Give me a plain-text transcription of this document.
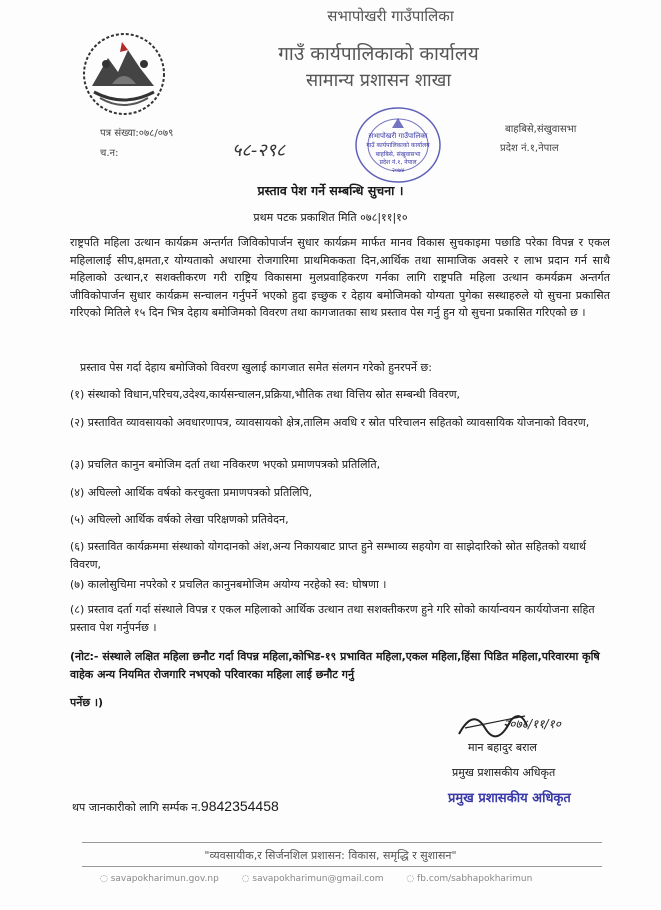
सभापोखरी गाउँपालिका
गाउँ कार्यपालिकाको कार्यालय
सामान्य प्रशासन शाखा
पत्र संख्या:०७८/०७९
च.न:	५८-२९८
बाहबिसे,संखुवासभा
प्रदेश नं.१,नेपाल
सभापोखरी गाउँपालिका
गाउँ कार्यपालिकाको कार्यालय
बाहबिसे, संखुवासभा
प्रदेश नं.१, नेपाल
२०७४
प्रस्ताव पेश गर्ने सम्बन्धि सुचना ।
प्रथम पटक प्रकाशित मिति ०७८|११|१०
राष्ट्रपति महिला उत्थान कार्यक्रम अन्तर्गत जिविकोपार्जन सुधार कार्यक्रम मार्फत मानव विकास सुचकाइमा पछाडि परेका विपन्न र एकल महिलालाई सीप,क्षमता,र योग्यताको अधारमा रोजगारिमा प्राथमिककता दिन,आर्थिक तथा सामाजिक अवसरे र लाभ प्रदान गर्न साथै महिलाको उत्थान,र सशक्तीकरण गरी राष्ट्रिय विकासमा मुलप्रवाहिकरण गर्नका लागि राष्ट्रपति महिला उत्थान कमर्यक्रम अन्तर्गत जीविकोपार्जन सुधार कार्यक्रम सन्चालन गर्नुपर्ने भएको हुदा इच्छुक र देहाय बमोजिमको योग्यता पुगेका सस्थाहरुले यो सुचना प्रकासित गरिएको मितिले १५ दिन भित्र देहाय बमोजिमको विवरण तथा कागजातका साथ प्रस्ताव पेस गर्नु हुन यो सुचना प्रकासित गरिएको छ ।
प्रस्ताव पेस गर्दा देहाय बमोजिको विवरण खुलाई कागजात समेत संलगन गरेको हुनरपर्ने छ:
(१) संस्थाको विधान,परिचय,उदेश्य,कार्यसन्चालन,प्रक्रिया,भौतिक तथा वित्तिय स्रोत सम्बन्धी विवरण,
(२) प्रस्तावित व्यावसायको अवधारणापत्र, व्यावसायको क्षेत्र,तालिम अवधि र स्रोत परिचालन सहितको व्यावसायिक योजनाको विवरण,
(३) प्रचलित कानुन बमोजिम दर्ता तथा नविकरण भएको प्रमाणपत्रको प्रतिलिति,
(४) अघिल्लो आर्थिक वर्षको करचुक्ता प्रमाणपत्रको प्रतिलिपि,
(५) अघिल्लो आर्थिक वर्षको लेखा परिक्षणको प्रतिवेदन,
(६) प्रस्तावित कार्यक्रममा संस्थाको योगदानको अंश,अन्य निकायबाट प्राप्त हुने सम्भाव्य सहयोग वा साझेदारिको स्रोत सहितको यथार्थ विवरण,
(७) कालोसुचिमा नपरेको र प्रचलित कानुनबमोजिम अयोग्य नरहेको स्व: घोषणा ।
(८) प्रस्ताव दर्ता गर्दा संस्थाले विपन्न र एकल महिलाको आर्थिक उत्थान तथा सशक्तीकरण हुने गरि सोको कार्यान्वयन कार्ययोजना सहित प्रस्ताव पेश गर्नुपर्नछ ।
(नोट:- संस्थाले लक्षित महिला छनौट गर्दा विपन्न महिला,कोभिड-१९ प्रभावित महिला,एकल महिला,हिंसा पिडित महिला,परिवारमा कृषि वाहेक अन्य नियमित रोजगारि नभएको परिवारका महिला लाई छनौट गर्नु
पर्नेछ ।)
२०७८/११/१०
मान बहादुर बराल
प्रमुख प्रशासकीय अधिकृत
प्रमुख प्रशासकीय अधिकृत
थप जानकारीको लागि सर्म्पक न.9842354458
"व्यवसायीक,र सिर्जनशिल प्रशासन: विकास, समृद्धि र सुशासन"
◌ savapokharimun.gov.np	◌ savapokharimun@gmail.com	◌ fb.com/sabhapokharimun
